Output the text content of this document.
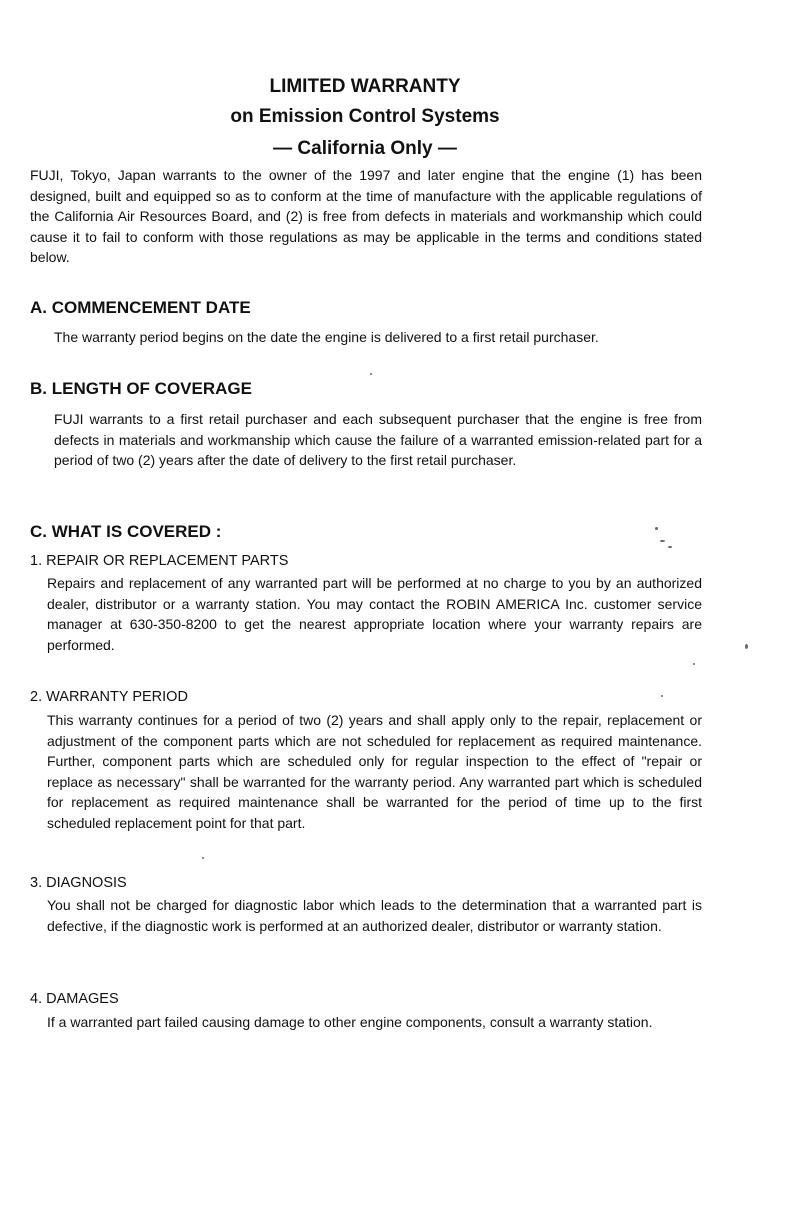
LIMITED WARRANTY
on Emission Control Systems
— California Only —

FUJI, Tokyo, Japan warrants to the owner of the 1997 and later engine that the engine (1) has been designed, built and equipped so as to conform at the time of manufacture with the applicable regulations of the California Air Resources Board, and (2) is free from defects in materials and workmanship which could cause it to fail to conform with those regulations as may be applicable in the terms and conditions stated below.

A. COMMENCEMENT DATE

The warranty period begins on the date the engine is delivered to a first retail purchaser.

B. LENGTH OF COVERAGE

FUJI warrants to a first retail purchaser and each subsequent purchaser that the engine is free from defects in materials and workmanship which cause the failure of a warranted emission-related part for a period of two (2) years after the date of delivery to the first retail purchaser.

C. WHAT IS COVERED :
1. REPAIR OR REPLACEMENT PARTS

Repairs and replacement of any warranted part will be performed at no charge to you by an authorized dealer, distributor or a warranty station. You may contact the ROBIN AMERICA Inc. customer service manager at 630-350-8200 to get the nearest appropriate location where your warranty repairs are performed.

2. WARRANTY PERIOD

This warranty continues for a period of two (2) years and shall apply only to the repair, replacement or adjustment of the component parts which are not scheduled for replacement as required maintenance. Further, component parts which are scheduled only for regular inspection to the effect of "repair or replace as necessary" shall be warranted for the warranty period. Any warranted part which is scheduled for replacement as required maintenance shall be warranted for the period of time up to the first scheduled replacement point for that part.

3. DIAGNOSIS

You shall not be charged for diagnostic labor which leads to the determination that a warranted part is defective, if the diagnostic work is performed at an authorized dealer, distributor or warranty station.

4. DAMAGES

If a warranted part failed causing damage to other engine components, consult a warranty station.
